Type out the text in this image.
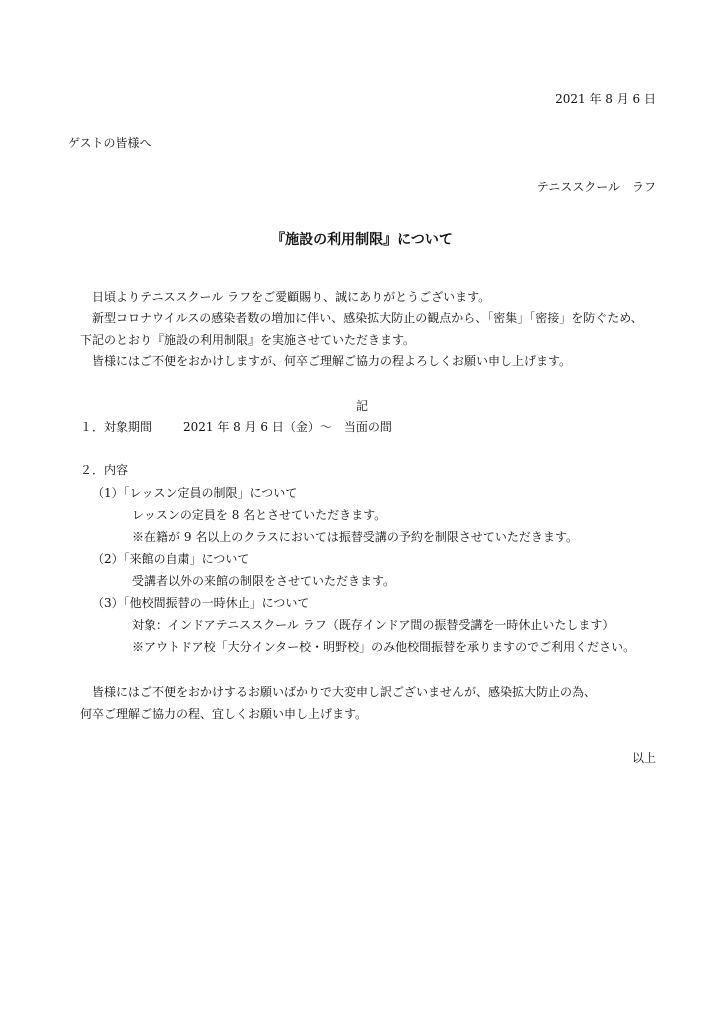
2021 年 8 月 6 日
ゲストの皆様へ
テニススクール　ラフ
『施設の利用制限』について
日頃よりテニススクール ラフをご愛顧賜り、誠にありがとうございます。
新型コロナウイルスの感染者数の増加に伴い、感染拡大防止の観点から、「密集」「密接」を防ぐため、
下記のとおり『施設の利用制限』を実施させていただきます。
皆様にはご不便をおかけしますが、何卒ご理解ご協力の程よろしくお願い申し上げます。
記
１．対象期間	2021 年 8 月 6 日（金）～　当面の間
２．内容
（1）「レッスン定員の制限」について
レッスンの定員を 8 名とさせていただきます。
※在籍が 9 名以上のクラスにおいては振替受講の予約を制限させていただきます。
（2）「来館の自粛」について
受講者以外の来館の制限をさせていただきます。
（3）「他校間振替の一時休止」について
対象：インドアテニススクール ラフ（既存インドア間の振替受講を一時休止いたします）
※アウトドア校「大分インター校・明野校」のみ他校間振替を承りますのでご利用ください。
皆様にはご不便をおかけするお願いばかりで大変申し訳ございませんが、感染拡大防止の為、
何卒ご理解ご協力の程、宜しくお願い申し上げます。
以上
